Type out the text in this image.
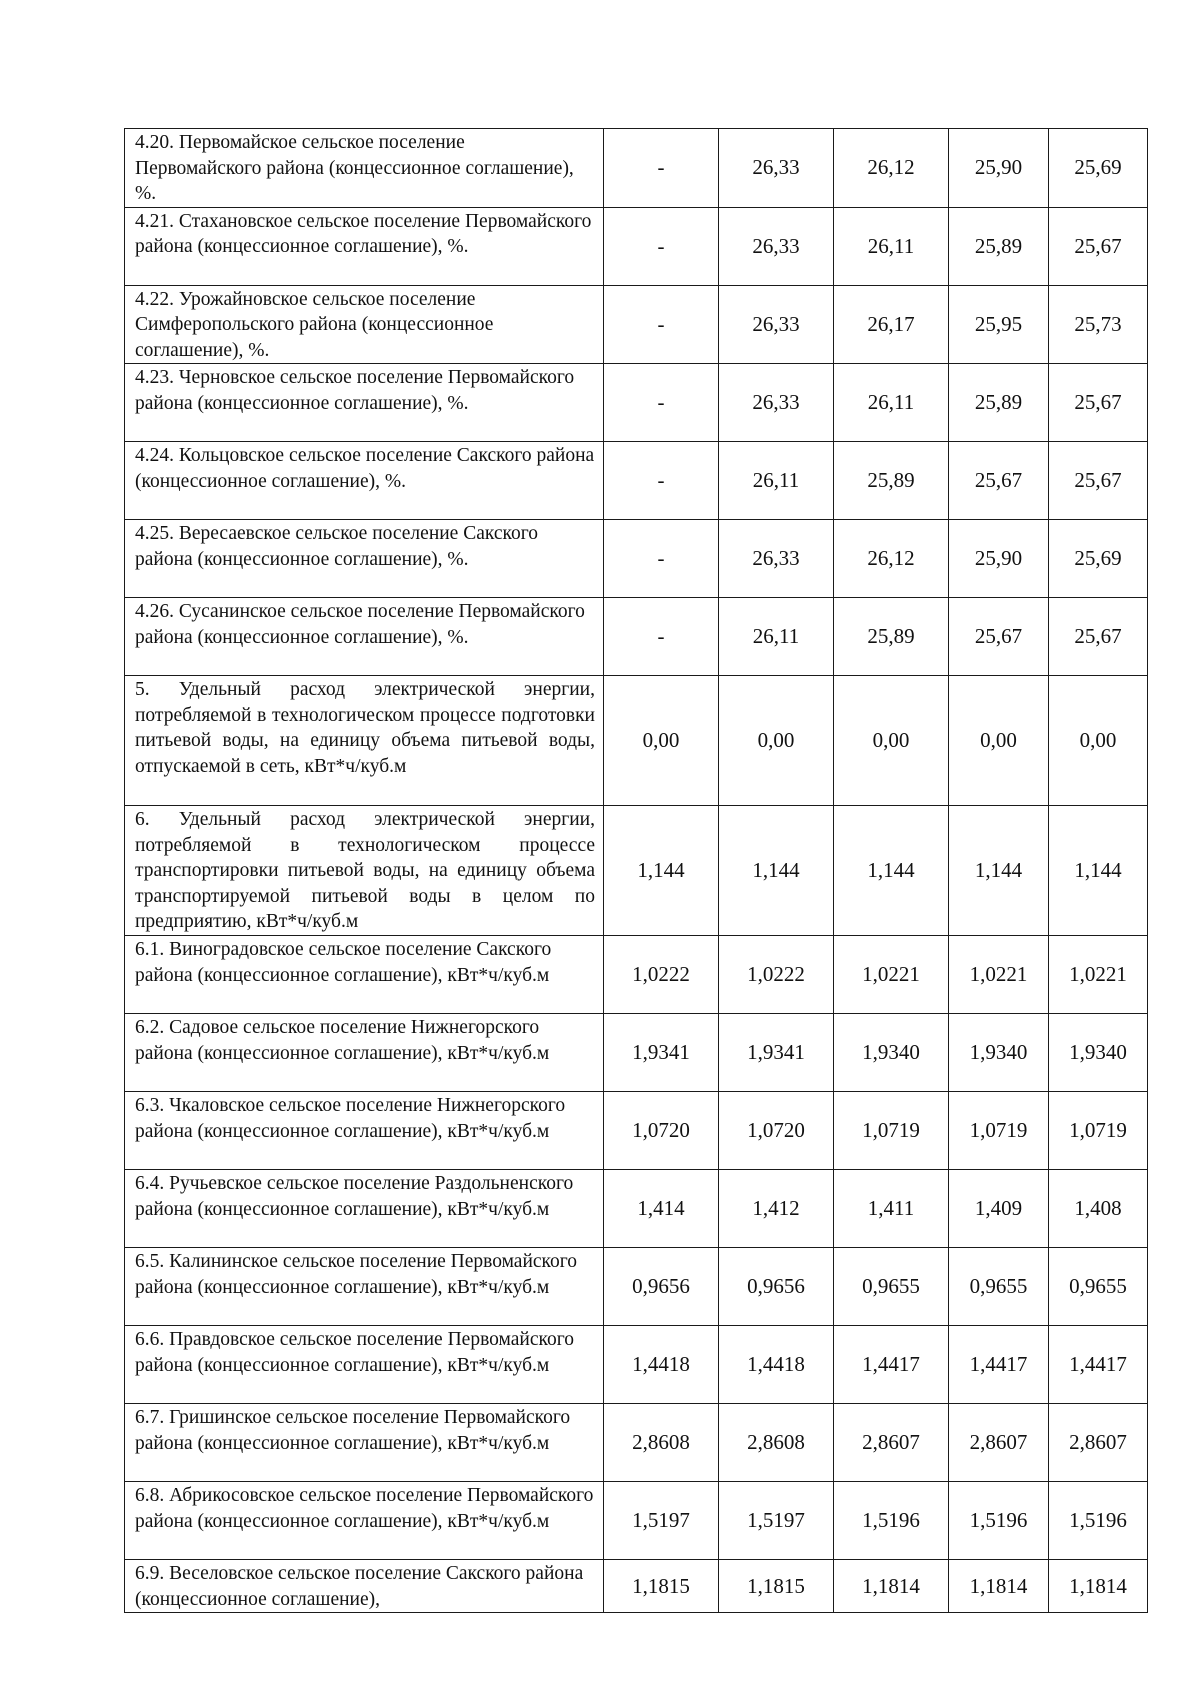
4.20. Первомайское сельское поселение Первомайского района (концессионное соглашение), %.	-	26,33	26,12	25,90	25,69
4.21. Стахановское сельское поселение Первомайского района (концессионное соглашение), %.	-	26,33	26,11	25,89	25,67
4.22. Урожайновское сельское поселение Симферопольского района (концессионное соглашение), %.	-	26,33	26,17	25,95	25,73
4.23. Черновское сельское поселение Первомайского района (концессионное соглашение), %.	-	26,33	26,11	25,89	25,67
4.24. Кольцовское сельское поселение Сакского района (концессионное соглашение), %.	-	26,11	25,89	25,67	25,67
4.25. Вересаевское сельское поселение Сакского района (концессионное соглашение), %.	-	26,33	26,12	25,90	25,69
4.26. Сусанинское сельское поселение Первомайского района (концессионное соглашение), %.	-	26,11	25,89	25,67	25,67
5. Удельный расход электрической энергии, потребляемой в технологическом процессе подготовки питьевой воды, на единицу объема питьевой воды, отпускаемой в сеть, кВт*ч/куб.м	0,00	0,00	0,00	0,00	0,00
6. Удельный расход электрической энергии, потребляемой в технологическом процессе транспортировки питьевой воды, на единицу объема транспортируемой питьевой воды в целом по предприятию, кВт*ч/куб.м	1,144	1,144	1,144	1,144	1,144
6.1. Виноградовское сельское поселение Сакского района (концессионное соглашение), кВт*ч/куб.м	1,0222	1,0222	1,0221	1,0221	1,0221
6.2. Садовое сельское поселение Нижнегорского района (концессионное соглашение), кВт*ч/куб.м	1,9341	1,9341	1,9340	1,9340	1,9340
6.3. Чкаловское сельское поселение Нижнегорского района (концессионное соглашение), кВт*ч/куб.м	1,0720	1,0720	1,0719	1,0719	1,0719
6.4. Ручьевское сельское поселение Раздольненского района (концессионное соглашение), кВт*ч/куб.м	1,414	1,412	1,411	1,409	1,408
6.5. Калининское сельское поселение Первомайского района (концессионное соглашение), кВт*ч/куб.м	0,9656	0,9656	0,9655	0,9655	0,9655
6.6. Правдовское сельское поселение Первомайского района (концессионное соглашение), кВт*ч/куб.м	1,4418	1,4418	1,4417	1,4417	1,4417
6.7. Гришинское сельское поселение Первомайского района (концессионное соглашение), кВт*ч/куб.м	2,8608	2,8608	2,8607	2,8607	2,8607
6.8. Абрикосовское сельское поселение Первомайского района (концессионное соглашение), кВт*ч/куб.м	1,5197	1,5197	1,5196	1,5196	1,5196
6.9. Веселовское сельское поселение Сакского района (концессионное соглашение),	1,1815	1,1815	1,1814	1,1814	1,1814
